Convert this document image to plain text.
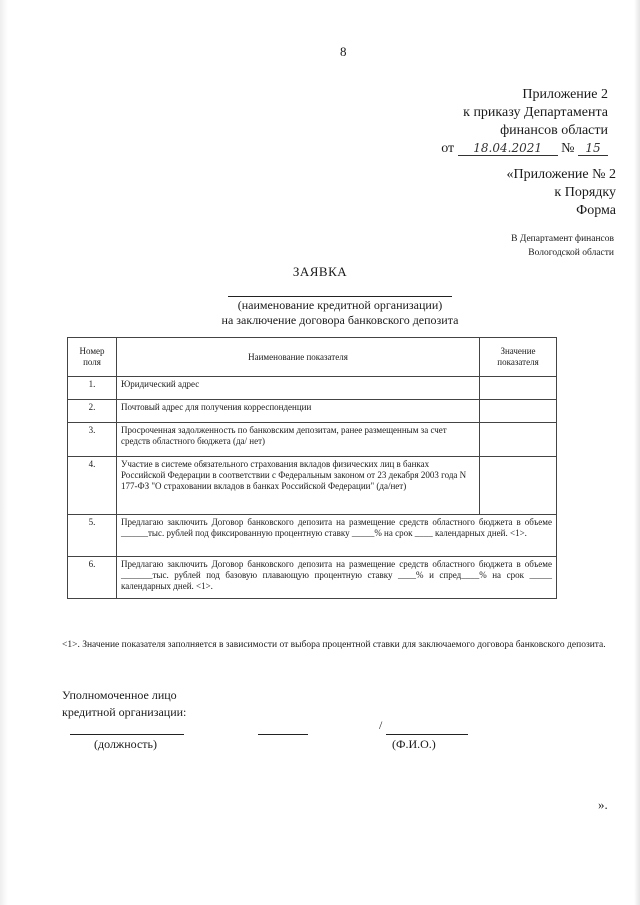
8
Приложение 2
к приказу Департамента
финансов области
от 18.04.2021 № 15
«Приложение № 2
к Порядку
Форма
В Департамент финансов
Вологодской области
ЗАЯВКА
(наименование кредитной организации)
на заключение договора банковского депозита
Номер поля	Наименование показателя	Значение показателя
1.	Юридический адрес	
2.	Почтовый адрес для получения корреспонденции	
3.	Просроченная задолженность по банковским депозитам, ранее размещенным за счет средств областного бюджета (да/ нет)	
4.	Участие в системе обязательного страхования вкладов физических лиц в банках Российской Федерации в соответствии с Федеральным законом от 23 декабря 2003 года N 177-ФЗ "О страховании вкладов в банках Российской Федерации" (да/нет)	
5.	Предлагаю заключить Договор банковского депозита на размещение средств областного бюджета в объеме ______тыс. рублей под фиксированную процентную ставку _____% на срок ____ календарных дней. <1>.	
6.	Предлагаю заключить Договор банковского депозита на размещение средств областного бюджета в объеме _______тыс. рублей под базовую плавающую процентную ставку ____% и спред____% на срок _____ календарных дней. <1>.	
<1>. Значение показателя заполняется в зависимости от выбора процентной ставки для заключаемого договора банковского депозита.
Уполномоченное лицо
кредитной организации:
(должность)
/
(Ф.И.О.)
».
